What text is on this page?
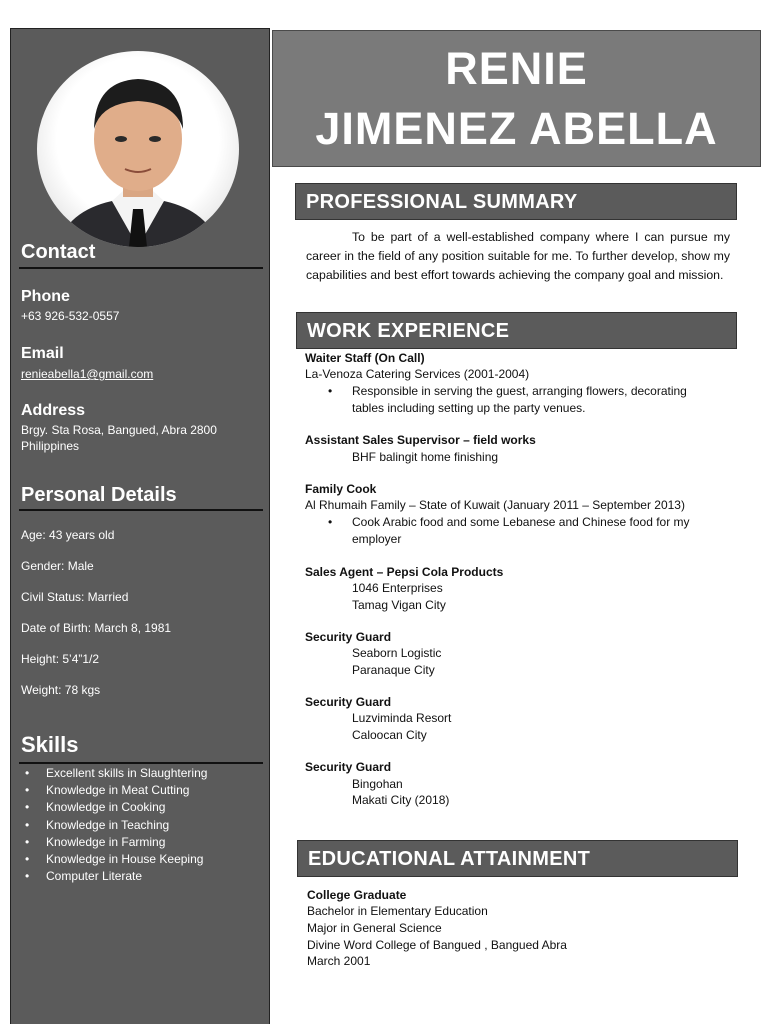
Contact
Phone
+63 926-532-0557
Email
renieabella1@gmail.com
Address
Brgy. Sta Rosa, Bangued, Abra 2800
Philippines
Personal Details
Age: 43 years old
Gender: Male
Civil Status: Married
Date of Birth: March 8, 1981
Height: 5’4”1/2
Weight: 78 kgs
Skills
• Excellent skills in Slaughtering
• Knowledge in Meat Cutting
• Knowledge in Cooking
• Knowledge in Teaching
• Knowledge in Farming
• Knowledge in House Keeping
• Computer Literate
RENIE
JIMENEZ ABELLA
PROFESSIONAL SUMMARY
To be part of a well-established company where I can pursue my career in the field of any position suitable for me. To further develop, show my capabilities and best effort towards achieving the company goal and mission.
WORK EXPERIENCE
Waiter Staff (On Call)
La-Venoza Catering Services (2001-2004)
• Responsible in serving the guest, arranging flowers, decorating
tables including setting up the party venues.
Assistant Sales Supervisor – field works
BHF balingit home finishing
Family Cook
Al Rhumaih Family – State of Kuwait (January 2011 – September 2013)
• Cook Arabic food and some Lebanese and Chinese food for my
employer
Sales Agent – Pepsi Cola Products
1046 Enterprises
Tamag Vigan City
Security Guard
Seaborn Logistic
Paranaque City
Security Guard
Luzviminda Resort
Caloocan City
Security Guard
Bingohan
Makati City (2018)
EDUCATIONAL ATTAINMENT
College Graduate
Bachelor in Elementary Education
Major in General Science
Divine Word College of Bangued , Bangued Abra
March 2001
